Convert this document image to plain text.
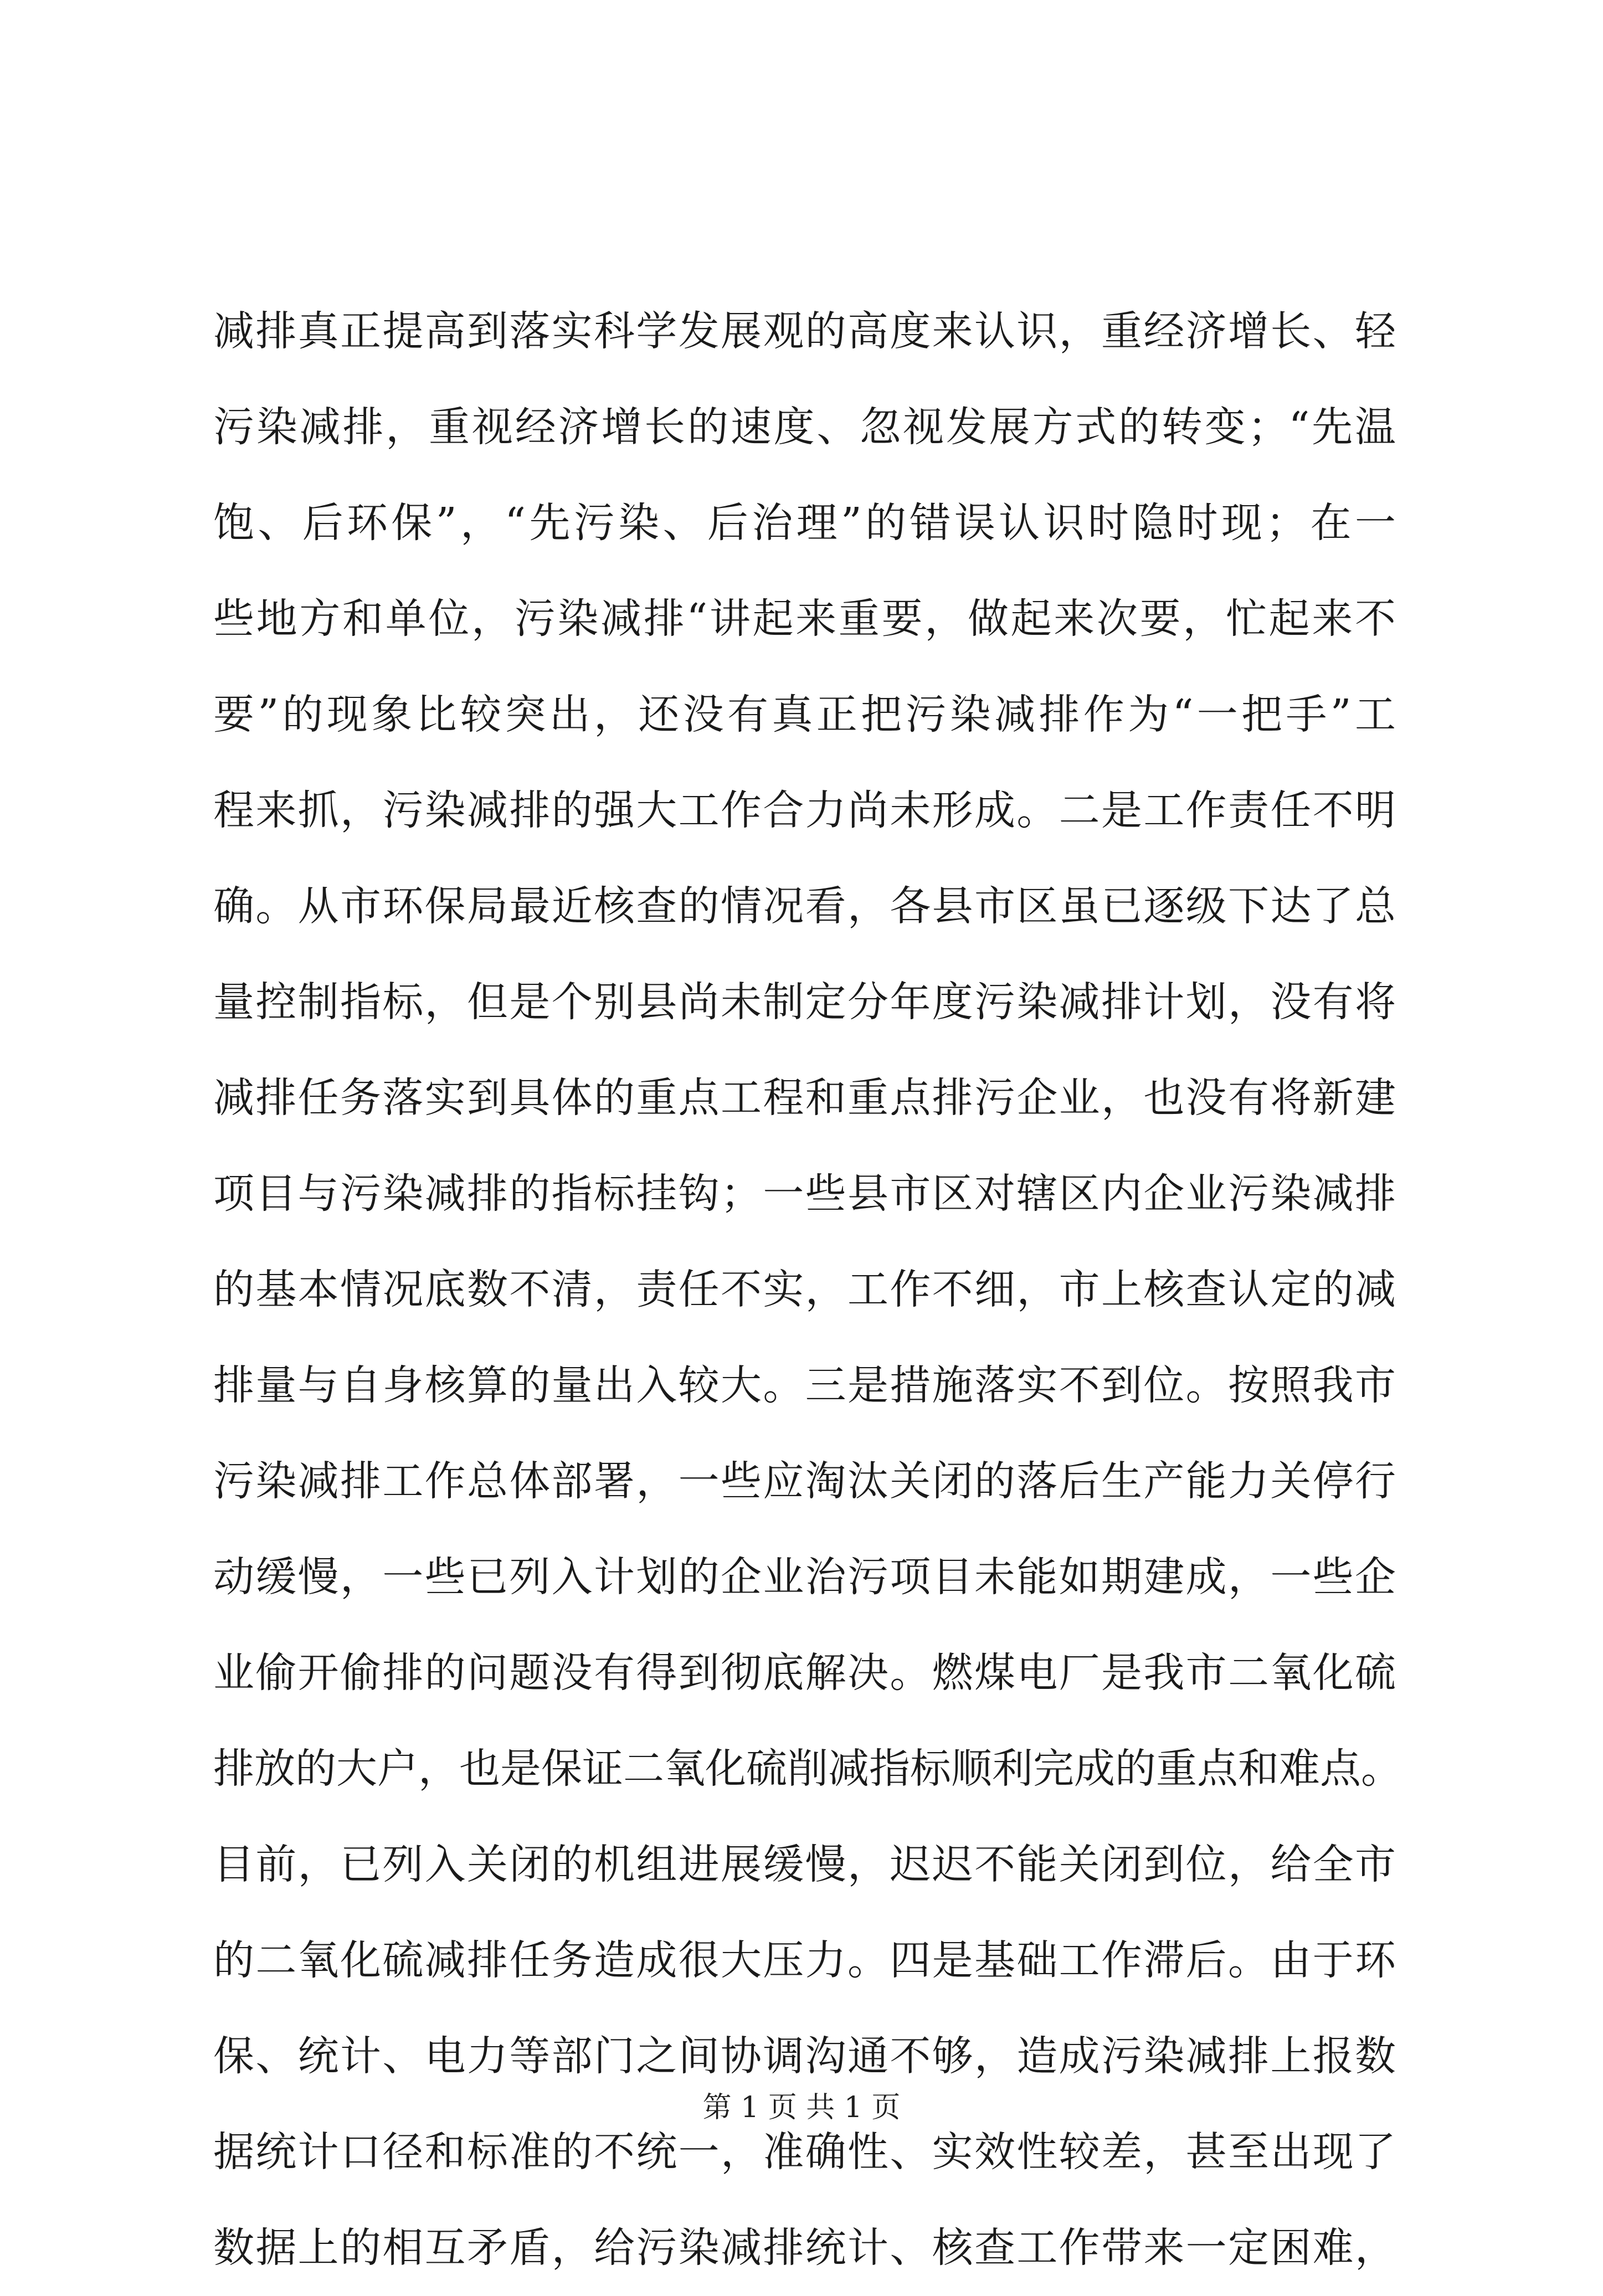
减排真正提高到落实科学发展观的高度来认识，重经济增长、轻
污染减排，重视经济增长的速度、忽视发展方式的转变；“先温
饱、后环保”，“先污染、后治理”的错误认识时隐时现；在一
些地方和单位，污染减排“讲起来重要，做起来次要，忙起来不
要”的现象比较突出，还没有真正把污染减排作为“一把手”工
程来抓，污染减排的强大工作合力尚未形成。二是工作责任不明
确。从市环保局最近核查的情况看，各县市区虽已逐级下达了总
量控制指标，但是个别县尚未制定分年度污染减排计划，没有将
减排任务落实到具体的重点工程和重点排污企业，也没有将新建
项目与污染减排的指标挂钩；一些县市区对辖区内企业污染减排
的基本情况底数不清，责任不实，工作不细，市上核查认定的减
排量与自身核算的量出入较大。三是措施落实不到位。按照我市
污染减排工作总体部署，一些应淘汰关闭的落后生产能力关停行
动缓慢，一些已列入计划的企业治污项目未能如期建成，一些企
业偷开偷排的问题没有得到彻底解决。燃煤电厂是我市二氧化硫
排放的大户，也是保证二氧化硫削减指标顺利完成的重点和难点。
目前，已列入关闭的机组进展缓慢，迟迟不能关闭到位，给全市
的二氧化硫减排任务造成很大压力。四是基础工作滞后。由于环
保、统计、电力等部门之间协调沟通不够，造成污染减排上报数
据统计口径和标准的不统一，准确性、实效性较差，甚至出现了
数据上的相互矛盾，给污染减排统计、核查工作带来一定困难，
第 1 页 共 1 页
